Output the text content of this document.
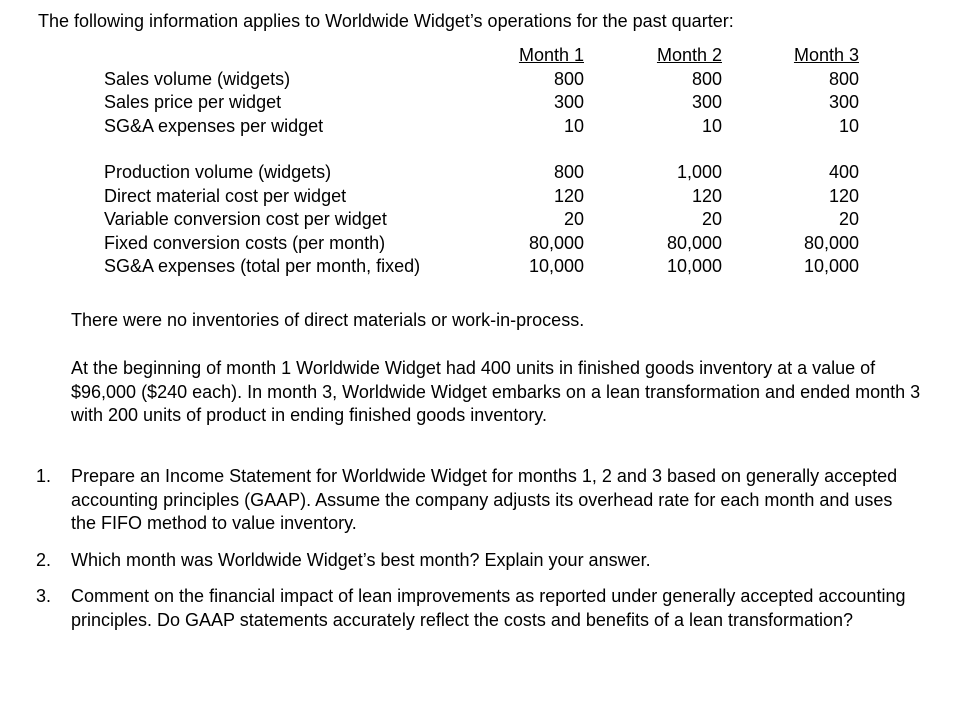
The following information applies to Worldwide Widget’s operations for the past quarter:
	Month 1	Month 2	Month 3
Sales volume (widgets)	800	800	800
Sales price per widget	300	300	300
SG&A expenses per widget	10	10	10

Production volume (widgets)	800	1,000	400
Direct material cost per widget	120	120	120
Variable conversion cost per widget	20	20	20
Fixed conversion costs (per month)	80,000	80,000	80,000
SG&A expenses (total per month, fixed)	10,000	10,000	10,000
There were no inventories of direct materials or work-in-process.
At the beginning of month 1 Worldwide Widget had 400 units in finished goods inventory at a value of $96,000 ($240 each). In month 3, Worldwide Widget embarks on a lean transformation and ended month 3 with 200 units of product in ending finished goods inventory.
1. Prepare an Income Statement for Worldwide Widget for months 1, 2 and 3 based on generally accepted accounting principles (GAAP). Assume the company adjusts its overhead rate for each month and uses the FIFO method to value inventory.
2. Which month was Worldwide Widget’s best month? Explain your answer.
3. Comment on the financial impact of lean improvements as reported under generally accepted accounting principles. Do GAAP statements accurately reflect the costs and benefits of a lean transformation?
